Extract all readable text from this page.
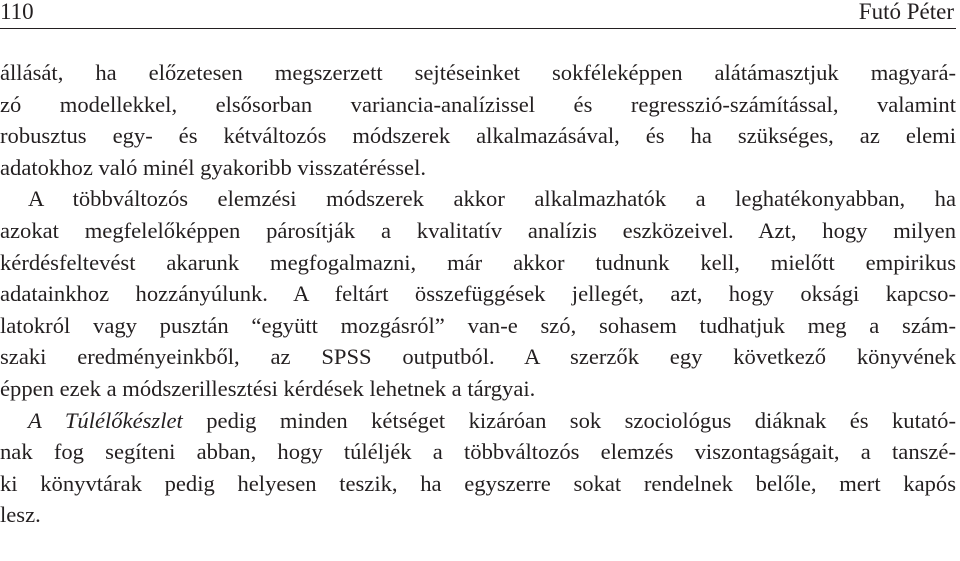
110	Futó Péter
állását, ha előzetesen megszerzett sejtéseinket sokféleképpen alátámasztjuk magyará-
zó modellekkel, elsősorban variancia-analízissel és regresszió-számítással, valamint
robusztus egy- és kétváltozós módszerek alkalmazásával, és ha szükséges, az elemi
adatokhoz való minél gyakoribb visszatéréssel.
A többváltozós elemzési módszerek akkor alkalmazhatók a leghatékonyabban, ha
azokat megfelelőképpen párosítják a kvalitatív analízis eszközeivel. Azt, hogy milyen
kérdésfeltevést akarunk megfogalmazni, már akkor tudnunk kell, mielőtt empirikus
adatainkhoz hozzányúlunk. A feltárt összefüggések jellegét, azt, hogy oksági kapcso-
latokról vagy pusztán “együtt mozgásról” van-e szó, sohasem tudhatjuk meg a szám-
szaki eredményeinkből, az SPSS outputból. A szerzők egy következő könyvének
éppen ezek a módszerillesztési kérdések lehetnek a tárgyai.
A Túlélőkészlet pedig minden kétséget kizáróan sok szociológus diáknak és kutató-
nak fog segíteni abban, hogy túléljék a többváltozós elemzés viszontagságait, a tanszé-
ki könyvtárak pedig helyesen teszik, ha egyszerre sokat rendelnek belőle, mert kapós
lesz.
